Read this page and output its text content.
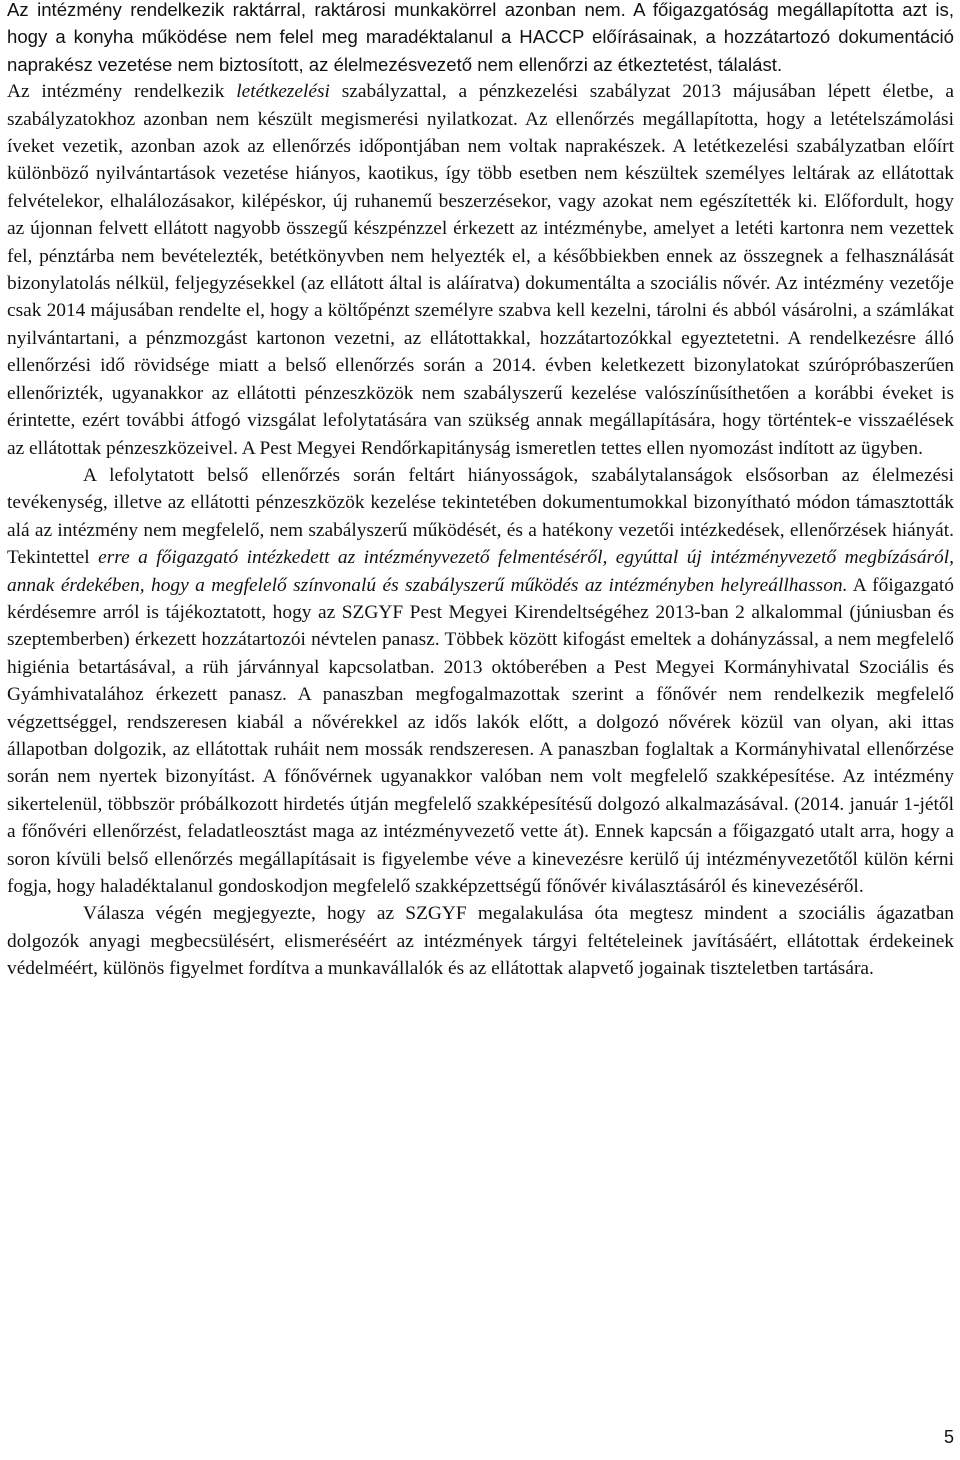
Az intézmény rendelkezik raktárral, raktárosi munkakörrel azonban nem. A főigazgatóság megállapította azt is, hogy a konyha működése nem felel meg maradéktalanul a HACCP előírásainak, a hozzátartozó dokumentáció naprakész vezetése nem biztosított, az élelmezésvezető nem ellenőrzi az étkeztetést, tálalást.
Az intézmény rendelkezik letétkezelési szabályzattal, a pénzkezelési szabályzat 2013 májusában lépett életbe, a szabályzatokhoz azonban nem készült megismerési nyilatkozat. Az ellenőrzés megállapította, hogy a letételszámolási íveket vezetik, azonban azok az ellenőrzés időpontjában nem voltak naprakészek. A letétkezelési szabályzatban előírt különböző nyilvántartások vezetése hiányos, kaotikus, így több esetben nem készültek személyes leltárak az ellátottak felvételekor, elhalálozásakor, kilépéskor, új ruhanemű beszerzésekor, vagy azokat nem egészítették ki. Előfordult, hogy az újonnan felvett ellátott nagyobb összegű készpénzzel érkezett az intézménybe, amelyet a letéti kartonra nem vezettek fel, pénztárba nem bevételezték, betétkönyvben nem helyezték el, a későbbiekben ennek az összegnek a felhasználását bizonylatolás nélkül, feljegyzésekkel (az ellátott által is aláíratva) dokumentálta a szociális nővér. Az intézmény vezetője csak 2014 májusában rendelte el, hogy a költőpénzt személyre szabva kell kezelni, tárolni és abból vásárolni, a számlákat nyilvántartani, a pénzmozgást kartonon vezetni, az ellátottakkal, hozzátartozókkal egyeztetetni. A rendelkezésre álló ellenőrzési idő rövidsége miatt a belső ellenőrzés során a 2014. évben keletkezett bizonylatokat szúrópróbaszerűen ellenőrizték, ugyanakkor az ellátotti pénzeszközök nem szabályszerű kezelése valószínűsíthetően a korábbi éveket is érintette, ezért további átfogó vizsgálat lefolytatására van szükség annak megállapítására, hogy történtek-e visszaélések az ellátottak pénzeszközeivel. A Pest Megyei Rendőrkapitányság ismeretlen tettes ellen nyomozást indított az ügyben.

A lefolytatott belső ellenőrzés során feltárt hiányosságok, szabálytalanságok elsősorban az élelmezési tevékenység, illetve az ellátotti pénzeszközök kezelése tekintetében dokumentumokkal bizonyítható módon támasztották alá az intézmény nem megfelelő, nem szabályszerű működését, és a hatékony vezetői intézkedések, ellenőrzések hiányát. Tekintettel erre a főigazgató intézkedett az intézményvezető felmentéséről, egyúttal új intézményvezető megbízásáról, annak érdekében, hogy a megfelelő színvonalú és szabályszerű működés az intézményben helyreállhasson. A főigazgató kérdésemre arról is tájékoztatott, hogy az SZGYF Pest Megyei Kirendeltségéhez 2013-ban 2 alkalommal (júniusban és szeptemberben) érkezett hozzátartozói névtelen panasz. Többek között kifogást emeltek a dohányzással, a nem megfelelő higiénia betartásával, a rüh járvánnyal kapcsolatban. 2013 októberében a Pest Megyei Kormányhivatal Szociális és Gyámhivatalához érkezett panasz. A panaszban megfogalmazottak szerint a főnővér nem rendelkezik megfelelő végzettséggel, rendszeresen kiabál a nővérekkel az idős lakók előtt, a dolgozó nővérek közül van olyan, aki ittas állapotban dolgozik, az ellátottak ruháit nem mossák rendszeresen. A panaszban foglaltak a Kormányhivatal ellenőrzése során nem nyertek bizonyítást. A főnővérnek ugyanakkor valóban nem volt megfelelő szakképesítése. Az intézmény sikertelenül, többször próbálkozott hirdetés útján megfelelő szakképesítésű dolgozó alkalmazásával. (2014. január 1-jétől a főnővéri ellenőrzést, feladatleosztást maga az intézményvezető vette át). Ennek kapcsán a főigazgató utalt arra, hogy a soron kívüli belső ellenőrzés megállapításait is figyelembe véve a kinevezésre kerülő új intézményvezetőtől külön kérni fogja, hogy haladéktalanul gondoskodjon megfelelő szakképzettségű főnővér kiválasztásáról és kinevezéséről.

Válasza végén megjegyezte, hogy az SZGYF megalakulása óta megtesz mindent a szociális ágazatban dolgozók anyagi megbecsülésért, elismeréséért az intézmények tárgyi feltételeinek javításáért, ellátottak érdekeinek védelméért, különös figyelmet fordítva a munkavállalók és az ellátottak alapvető jogainak tiszteletben tartására.

5
